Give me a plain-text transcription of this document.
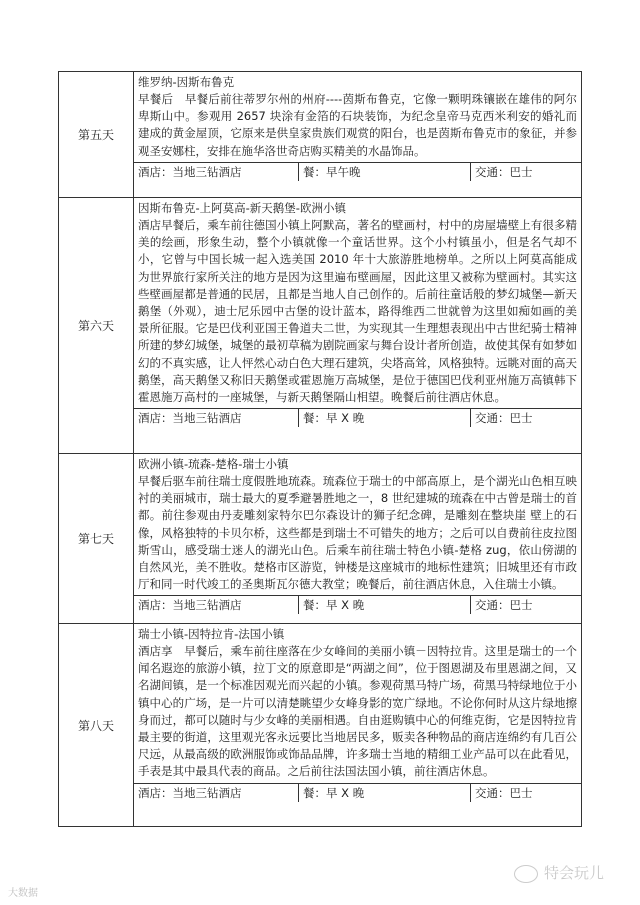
第五天	维罗纳-因斯布鲁克

早餐后　早餐后前往蒂罗尔州的州府----茵斯布鲁克，它像一颗明珠镶嵌在雄伟的阿尔卑斯山中。参观用 2657 块涂有金箔的石块装饰，为纪念皇帝马克西米利安的婚礼而建成的黄金屋顶，它原来是供皇家贵族们观赏的阳台，也是茵斯布鲁克市的象征，并参观圣安娜柱，安排在施华洛世奇店购买精美的水晶饰品。

酒店：当地三钻酒店 餐：早午晚 交通：巴士

第六天	因斯布鲁克-上阿莫高-新天鹅堡-欧洲小镇

酒店早餐后，乘车前往德国小镇上阿默高，著名的壁画村，村中的房屋墙壁上有很多精美的绘画，形象生动，整个小镇就像一个童话世界。这个小村镇虽小，但是名气却不小，它曾与中国长城一起入选美国 2010 年十大旅游胜地榜单。之所以上阿莫高能成为世界旅行家所关注的地方是因为这里遍布壁画屋，因此这里又被称为壁画村。其实这些壁画屋都是普通的民居，且都是当地人自己创作的。后前往童话般的梦幻城堡—新天鹅堡（外观），迪士尼乐园中古堡的设计蓝本，路得维西二世就曾为这里如痴如画的美景所征服。它是巴伐利亚国王鲁道夫二世，为实现其一生理想表现出中古世纪骑士精神所建的梦幻城堡，城堡的最初草稿为剧院画家与舞台设计者所创造，故使其保有如梦如幻的不真实感，让人怦然心动白色大理石建筑，尖塔高耸，风格独特。远眺对面的高天鹅堡，高天鹅堡又称旧天鹅堡或霍恩施万高城堡，是位于德国巴伐利亚州施万高镇韩下霍恩施万高村的一座城堡，与新天鹅堡隔山相望。晚餐后前往酒店休息。

酒店：当地三钻酒店 餐：早 X 晚 交通：巴士

第七天	欧洲小镇-琉森-楚格-瑞士小镇

早餐后驱车前往瑞士度假胜地琉森。琉森位于瑞士的中部高原上，是个湖光山色相互映衬的美丽城市，瑞士最大的夏季避暑胜地之一，8 世纪建城的琉森在中古曾是瑞士的首都。前往参观由丹麦雕刻家特尔巴尔森设计的狮子纪念碑，是雕刻在整块崖 壁上的石像，风格独特的卡贝尔桥，这些都是到瑞士不可错失的地方；之后可以自费前往皮拉图斯雪山，感受瑞士迷人的湖光山色。后乘车前往瑞士特色小镇-楚格 zug，依山傍湖的自然风光，美不胜收。楚格市区游览，钟楼是这座城市的地标性建筑；旧城里还有市政厅和同一时代竣工的圣奥斯瓦尔德大教堂；晚餐后，前往酒店休息，入住瑞士小镇。

酒店：当地三钻酒店 餐：早 X 晚 交通：巴士

第八天	瑞士小镇-因特拉肯-法国小镇

酒店享　早餐后，乘车前往座落在少女峰间的美丽小镇－因特拉肯。这里是瑞士的一个闻名遐迩的旅游小镇，拉丁文的原意即是“两湖之间”，位于图恩湖及布里恩湖之间，又名湖间镇，是一个标准因观光而兴起的小镇。参观荷黑马特广场，荷黑马特绿地位于小镇中心的广场，是一片可以清楚眺望少女峰身影的宽广绿地。不论你何时从这片绿地擦身而过，都可以随时与少女峰的美丽相遇。自由逛购镇中心的何维克街，它是因特拉肯最主要的街道，这里观光客永远要比当地居民多，贩卖各种物品的商店连绵约有几百公尺远，从最高级的欧洲服饰或饰品品牌，许多瑞士当地的精细工业产品可以在此看见，手表是其中最具代表的商品。之后前往法国法国小镇，前往酒店休息。

酒店：当地三钻酒店 餐：早 X 晚 交通：巴士
大数据
特会玩儿
